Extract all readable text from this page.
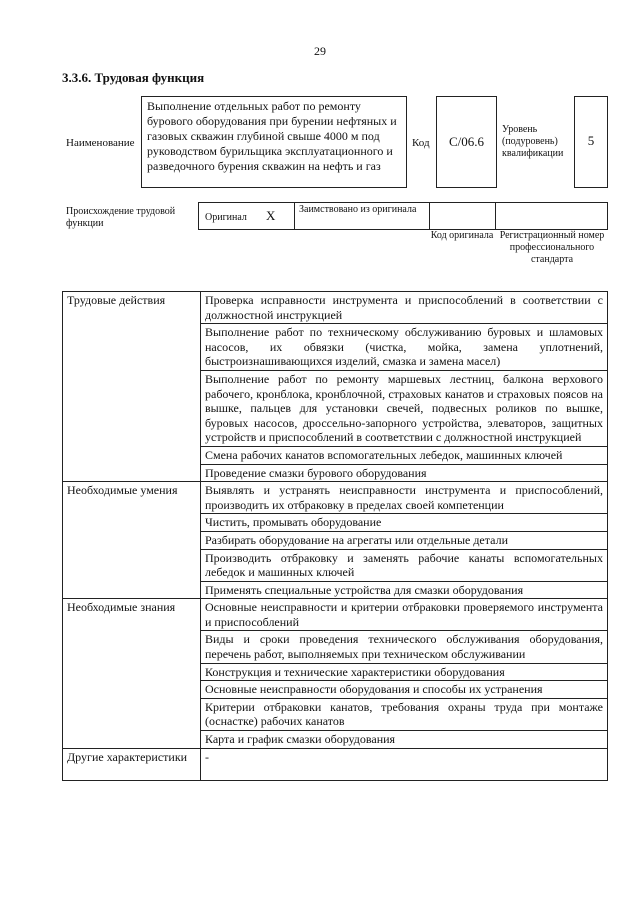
29
3.3.6. Трудовая функция
Наименование
Выполнение отдельных работ по ремонту бурового оборудования при бурении нефтяных и газовых скважин глубиной свыше 4000 м под руководством бурильщика эксплуатационного и разведочного бурения скважин на нефть и газ
Код	С/06.6
Уровень (подуровень) квалификации
5
Происхождение трудовой функции
Оригинал X Заимствовано из оригинала
Код оригинала Регистрационный номер профессионального стандарта
Трудовые действия	Проверка исправности инструмента и приспособлений в соответствии с должностной инструкцией
	Выполнение работ по техническому обслуживанию буровых и шламовых насосов, их обвязки (чистка, мойка, замена уплотнений, быстроизнашивающихся изделий, смазка и замена масел)
	Выполнение работ по ремонту маршевых лестниц, балкона верхового рабочего, кронблока, кронблочной, страховых канатов и страховых поясов на вышке, пальцев для установки свечей, подвесных роликов по вышке, буровых насосов, дроссельно-запорного устройства, элеваторов, защитных устройств и приспособлений в соответствии с должностной инструкцией
	Смена рабочих канатов вспомогательных лебедок, машинных ключей
	Проведение смазки бурового оборудования
Необходимые умения	Выявлять и устранять неисправности инструмента и приспособлений, производить их отбраковку в пределах своей компетенции
	Чистить, промывать оборудование
	Разбирать оборудование на агрегаты или отдельные детали
	Производить отбраковку и заменять рабочие канаты вспомогательных лебедок и машинных ключей
	Применять специальные устройства для смазки оборудования
Необходимые знания	Основные неисправности и критерии отбраковки проверяемого инструмента и приспособлений
	Виды и сроки проведения технического обслуживания оборудования, перечень работ, выполняемых при техническом обслуживании
	Конструкция и технические характеристики оборудования
	Основные неисправности оборудования и способы их устранения
	Критерии отбраковки канатов, требования охраны труда при монтаже (оснастке) рабочих канатов
	Карта и график смазки оборудования
Другие характеристики	-
